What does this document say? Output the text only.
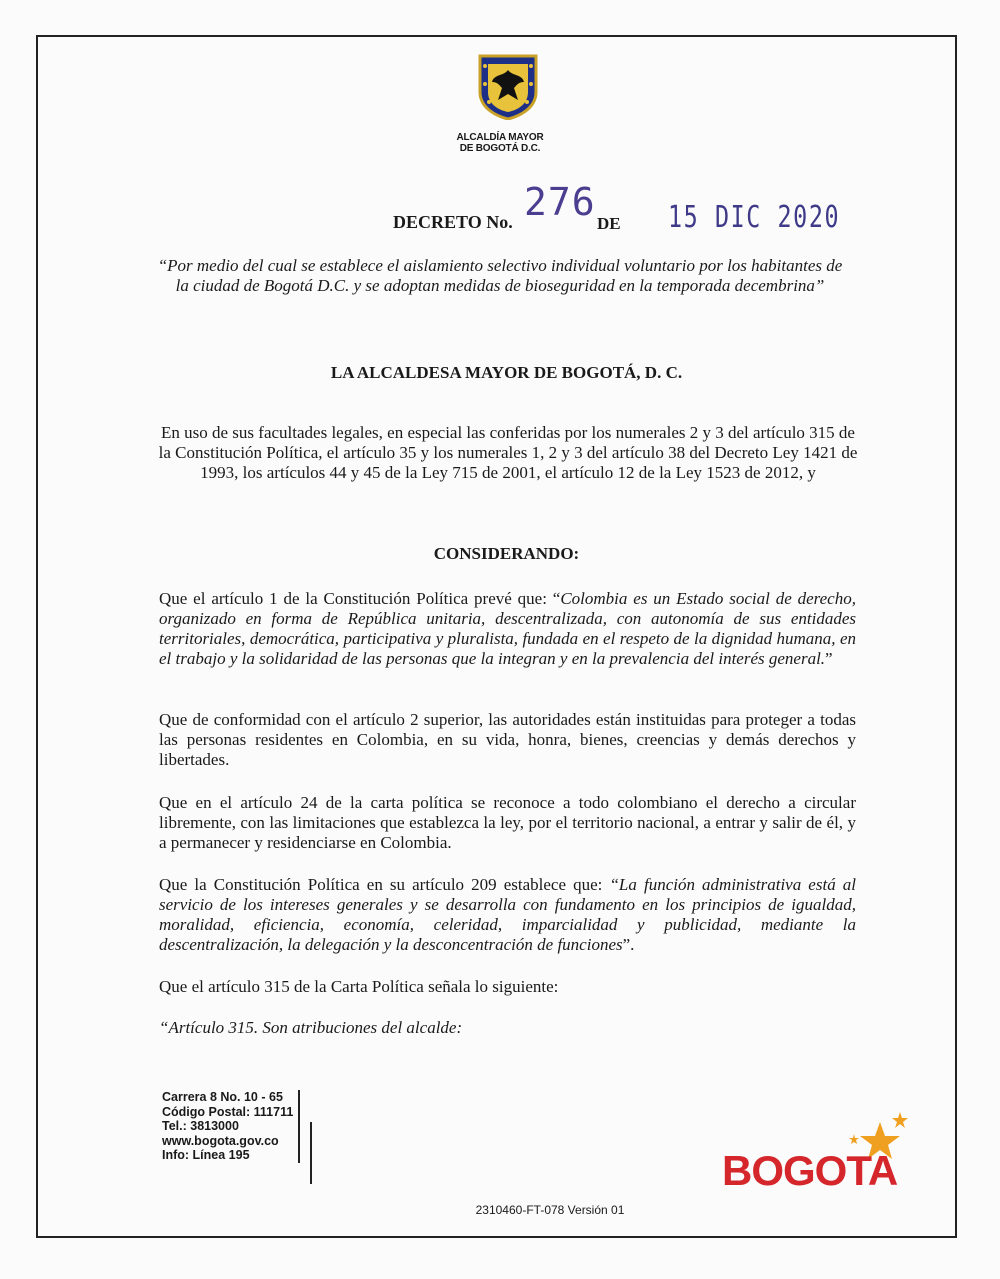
ALCALDÍA MAYOR
DE BOGOTÁ D.C.
DECRETO No. 276 DE 15 DIC 2020
“Por medio del cual se establece el aislamiento selectivo individual voluntario por los habitantes de la ciudad de Bogotá D.C. y se adoptan medidas de bioseguridad en la temporada decembrina”
LA ALCALDESA MAYOR DE BOGOTÁ, D. C.
En uso de sus facultades legales, en especial las conferidas por los numerales 2 y 3 del artículo 315 de la Constitución Política, el artículo 35 y los numerales 1, 2 y 3 del artículo 38 del Decreto Ley 1421 de 1993, los artículos 44 y 45 de la Ley 715 de 2001, el artículo 12 de la Ley 1523 de 2012, y
CONSIDERANDO:
Que el artículo 1 de la Constitución Política prevé que: “Colombia es un Estado social de derecho, organizado en forma de República unitaria, descentralizada, con autonomía de sus entidades territoriales, democrática, participativa y pluralista, fundada en el respeto de la dignidad humana, en el trabajo y la solidaridad de las personas que la integran y en la prevalencia del interés general.”
Que de conformidad con el artículo 2 superior, las autoridades están instituidas para proteger a todas las personas residentes en Colombia, en su vida, honra, bienes, creencias y demás derechos y libertades.
Que en el artículo 24 de la carta política se reconoce a todo colombiano el derecho a circular libremente, con las limitaciones que establezca la ley, por el territorio nacional, a entrar y salir de él, y a permanecer y residenciarse en Colombia.
Que la Constitución Política en su artículo 209 establece que: “La función administrativa está al servicio de los intereses generales y se desarrolla con fundamento en los principios de igualdad, moralidad, eficiencia, economía, celeridad, imparcialidad y publicidad, mediante la descentralización, la delegación y la desconcentración de funciones”.
Que el artículo 315 de la Carta Política señala lo siguiente:
“Artículo 315. Son atribuciones del alcalde:
Carrera 8 No. 10 - 65
Código Postal: 111711
Tel.: 3813000
www.bogota.gov.co
Info: Línea 195	BOGOTA
2310460-FT-078 Versión 01
